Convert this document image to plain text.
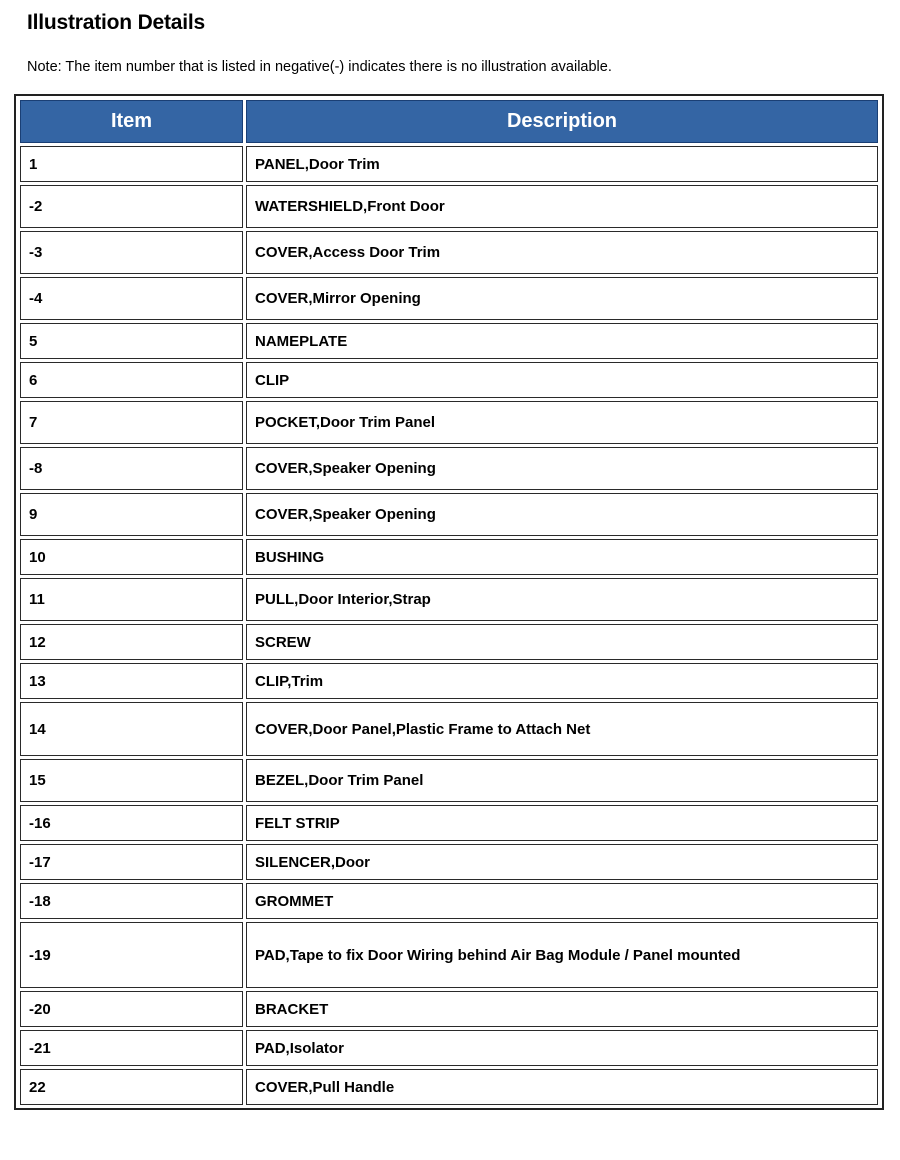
Illustration Details
Note: The item number that is listed in negative(-) indicates there is no illustration available.
Item	Description
1	PANEL,Door Trim
-2	WATERSHIELD,Front Door
-3	COVER,Access Door Trim
-4	COVER,Mirror Opening
5	NAMEPLATE
6	CLIP
7	POCKET,Door Trim Panel
-8	COVER,Speaker Opening
9	COVER,Speaker Opening
10	BUSHING
11	PULL,Door Interior,Strap
12	SCREW
13	CLIP,Trim
14	COVER,Door Panel,Plastic Frame to Attach Net
15	BEZEL,Door Trim Panel
-16	FELT STRIP
-17	SILENCER,Door
-18	GROMMET
-19	PAD,Tape to fix Door Wiring behind Air Bag Module / Panel mounted
-20	BRACKET
-21	PAD,Isolator
22	COVER,Pull Handle
